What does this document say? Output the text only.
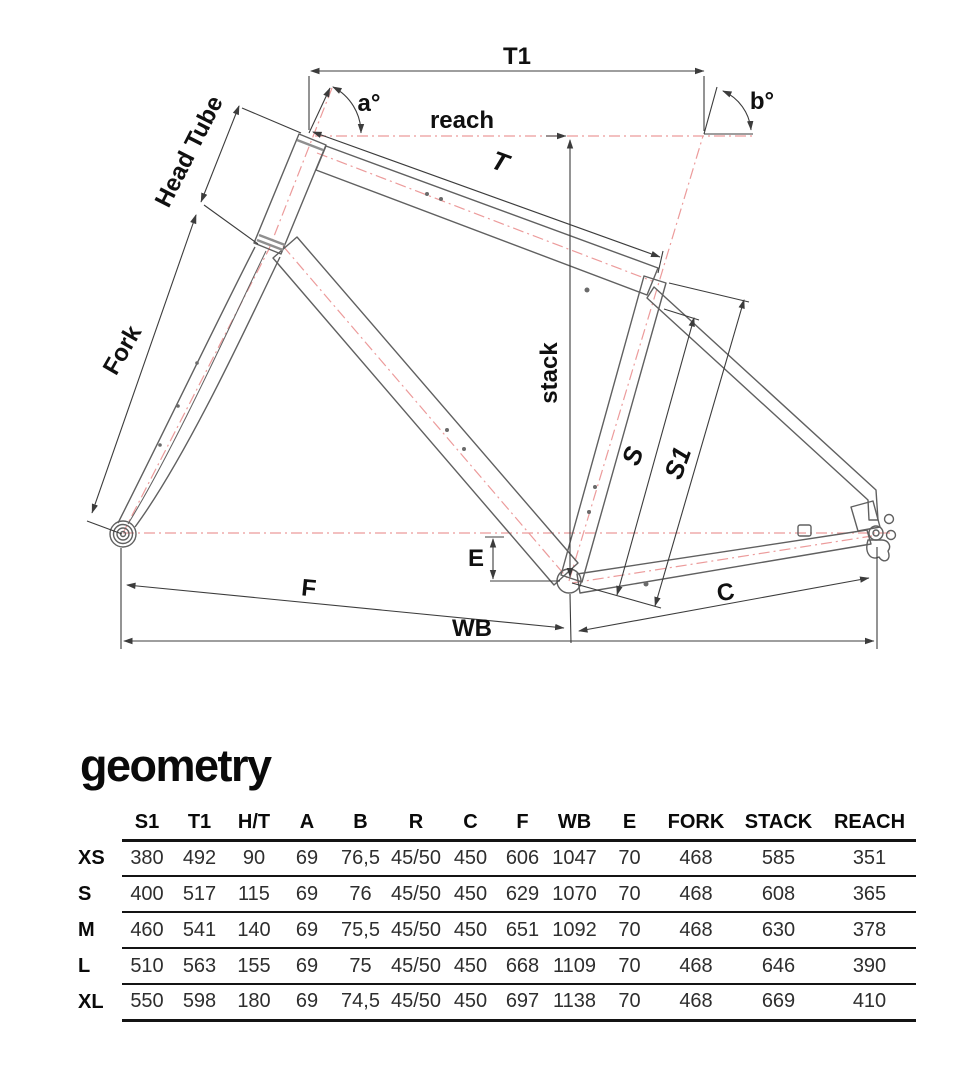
T1
a°	b°
reach
T
Head Tube
Fork	stack
S S1
E
F	C
WB
geometry
	S1	T1	H/T	A	B	R	C	F	WB	E	FORK	STACK	REACH
XS	380	492	90	69	76,5	45/50	450	606	1047	70	468	585	351
S	400	517	115	69	76	45/50	450	629	1070	70	468	608	365
M	460	541	140	69	75,5	45/50	450	651	1092	70	468	630	378
L	510	563	155	69	75	45/50	450	668	1109	70	468	646	390
XL	550	598	180	69	74,5	45/50	450	697	1138	70	468	669	410
